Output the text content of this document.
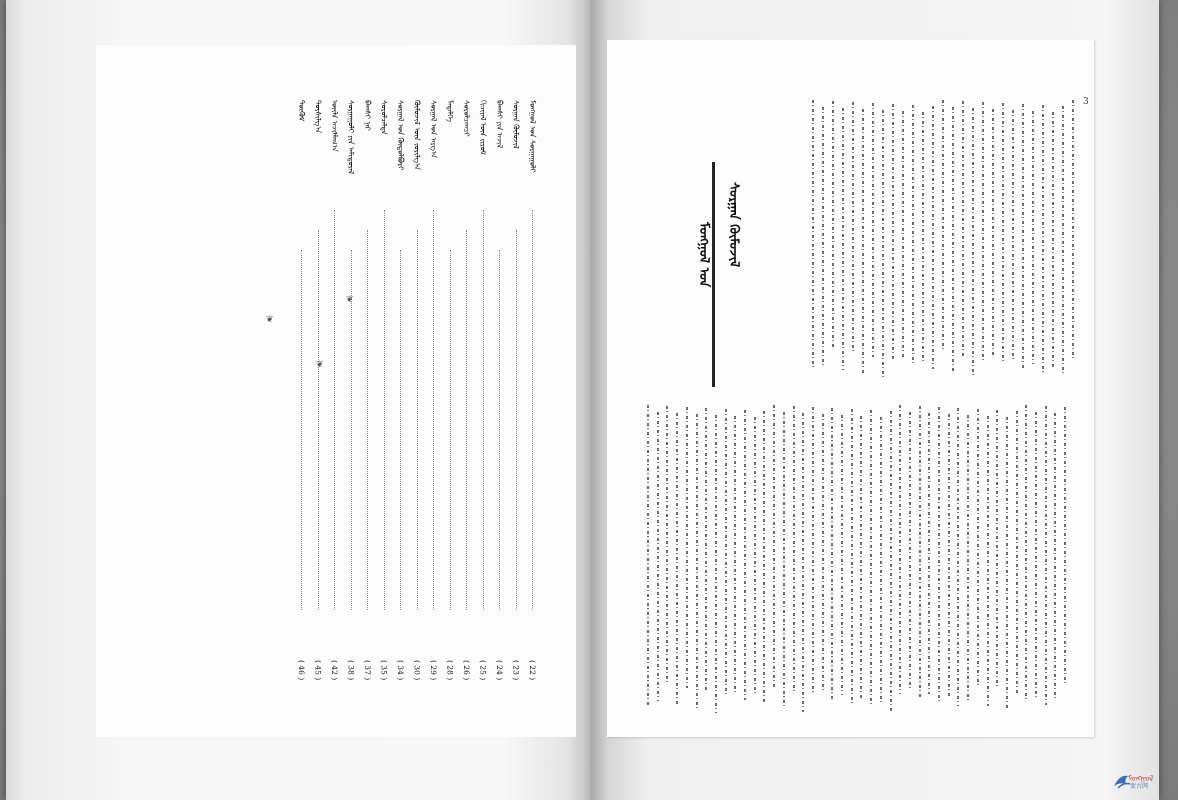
ᠮᠣᠩᠭᠣᠯ ᠤᠨ ᠰᠤᠷᠭᠠᠭᠤᠯᠢ
( 22 )
ᠰᠤᠷᠭᠠᠨ ᠬᠦᠮᠦᠵᠢᠯ
( 23 )
ᠪᠠᠭᠰᠢ ᠶᠢᠨ ᠠᠵᠢᠯ
( 24 )
ᠬᠢᠴᠢᠶᠡᠯ ᠦᠨ ᠵᠢᠷᠤᠮ
( 25 )
ᠰᠤᠷᠤᠯᠴᠠᠭᠴᠢ
( 26 )
ᠮᠡᠳᠡᠯᠭᠡ
( 28 )
ᠰᠤᠷᠭᠠᠯ ᠤᠨ ᠠᠷᠭ᠎ᠠ
( 29 )
ᠬᠦᠮᠦᠵᠢᠯ ᠦᠨ ᠵᠣᠷᠢᠯᠭ᠎ᠠ
( 30 )
ᠰᠤᠷᠭᠠᠯ ᠤᠨ ᠬᠥᠲᠥᠯᠪᠦᠷᠢ
( 34 )
ᠰᠤᠷᠤᠯᠴᠠᠯᠲᠠ
( 35 )
ᠪᠠᠭᠰᠢ ᠨᠠᠷ
( 37 )
ᠰᠤᠷᠭᠠᠭᠤᠯᠢ ᠶᠢᠨ ᠠᠮᠢᠳᠤᠷᠠᠯ
( 38 )
ᠦᠢᠯᠡ ᠠᠵᠢᠯᠯᠠᠭ᠎ᠠ
( 42 )
ᠲᠤᠷᠰᠢᠯᠭ᠎ᠠ
( 45 )
ᠳᠦᠭᠦᠮ
( 46 )
❦
❦
❦
3
ᠮᠣᠩᠭᠣᠯ ᠤᠨ	ᠰᠤᠷᠭᠠᠨ ᠬᠦᠮᠦᠵᠢᠯ
ᠮᠣᠩᠭᠣᠯ
蒙古网
